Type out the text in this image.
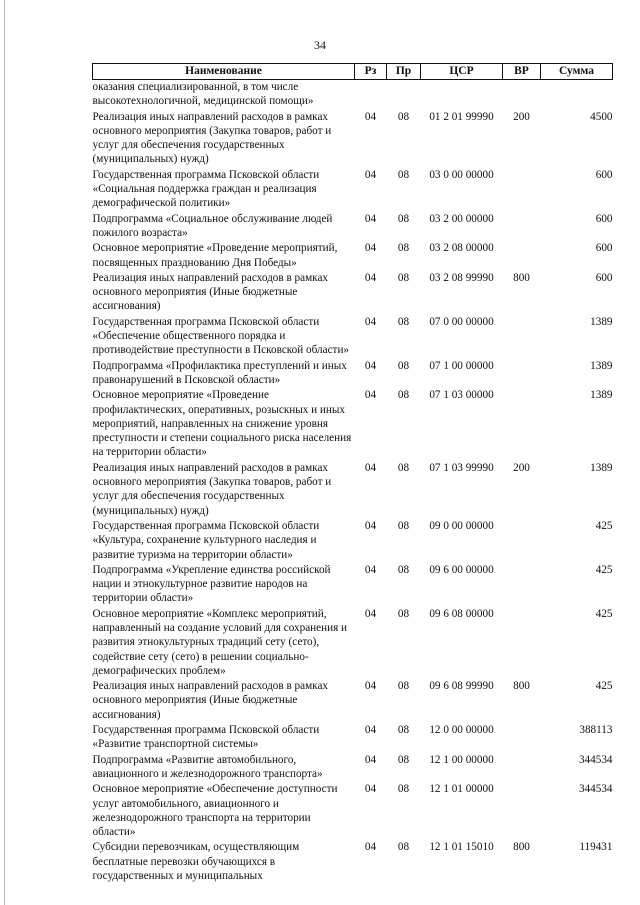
34
Наименование	Рз	Пр	ЦСР	ВР	Сумма
оказания специализированной, в том числе высокотехнологичной, медицинской помощи»					
Реализация иных направлений расходов в рамках основного мероприятия (Закупка товаров, работ и услуг для обеспечения государственных (муниципальных) нужд)	04	08	01 2 01 99990	200	4500
Государственная программа Псковской области «Социальная поддержка граждан и реализация демографической политики»	04	08	03 0 00 00000		600
Подпрограмма «Социальное обслуживание людей пожилого возраста»	04	08	03 2 00 00000		600
Основное мероприятие «Проведение мероприятий, посвященных празднованию Дня Победы»	04	08	03 2 08 00000		600
Реализация иных направлений расходов в рамках основного мероприятия (Иные бюджетные ассигнования)	04	08	03 2 08 99990	800	600
Государственная программа Псковской области «Обеспечение общественного порядка и противодействие преступности в Псковской области»	04	08	07 0 00 00000		1389
Подпрограмма «Профилактика преступлений и иных правонарушений в Псковской области»	04	08	07 1 00 00000		1389
Основное мероприятие «Проведение профилактических, оперативных, розыскных и иных мероприятий, направленных на снижение уровня преступности и степени социального риска населения на территории области»	04	08	07 1 03 00000		1389
Реализация иных направлений расходов в рамках основного мероприятия (Закупка товаров, работ и услуг для обеспечения государственных (муниципальных) нужд)	04	08	07 1 03 99990	200	1389
Государственная программа Псковской области «Культура, сохранение культурного наследия и развитие туризма на территории области»	04	08	09 0 00 00000		425
Подпрограмма «Укрепление единства российской нации и этнокультурное развитие народов на территории области»	04	08	09 6 00 00000		425
Основное мероприятие «Комплекс мероприятий, направленный на создание условий для сохранения и развития этнокультурных традиций сету (сето), содействие сету (сето) в решении социально-демографических проблем»	04	08	09 6 08 00000		425
Реализация иных направлений расходов в рамках основного мероприятия (Иные бюджетные ассигнования)	04	08	09 6 08 99990	800	425
Государственная программа Псковской области «Развитие транспортной системы»	04	08	12 0 00 00000		388113
Подпрограмма «Развитие автомобильного, авиационного и железнодорожного транспорта»	04	08	12 1 00 00000		344534
Основное мероприятие «Обеспечение доступности услуг автомобильного, авиационного и железнодорожного транспорта на территории области»	04	08	12 1 01 00000		344534
Субсидии перевозчикам, осуществляющим бесплатные перевозки обучающихся в государственных и муниципальных	04	08	12 1 01 15010	800	119431
